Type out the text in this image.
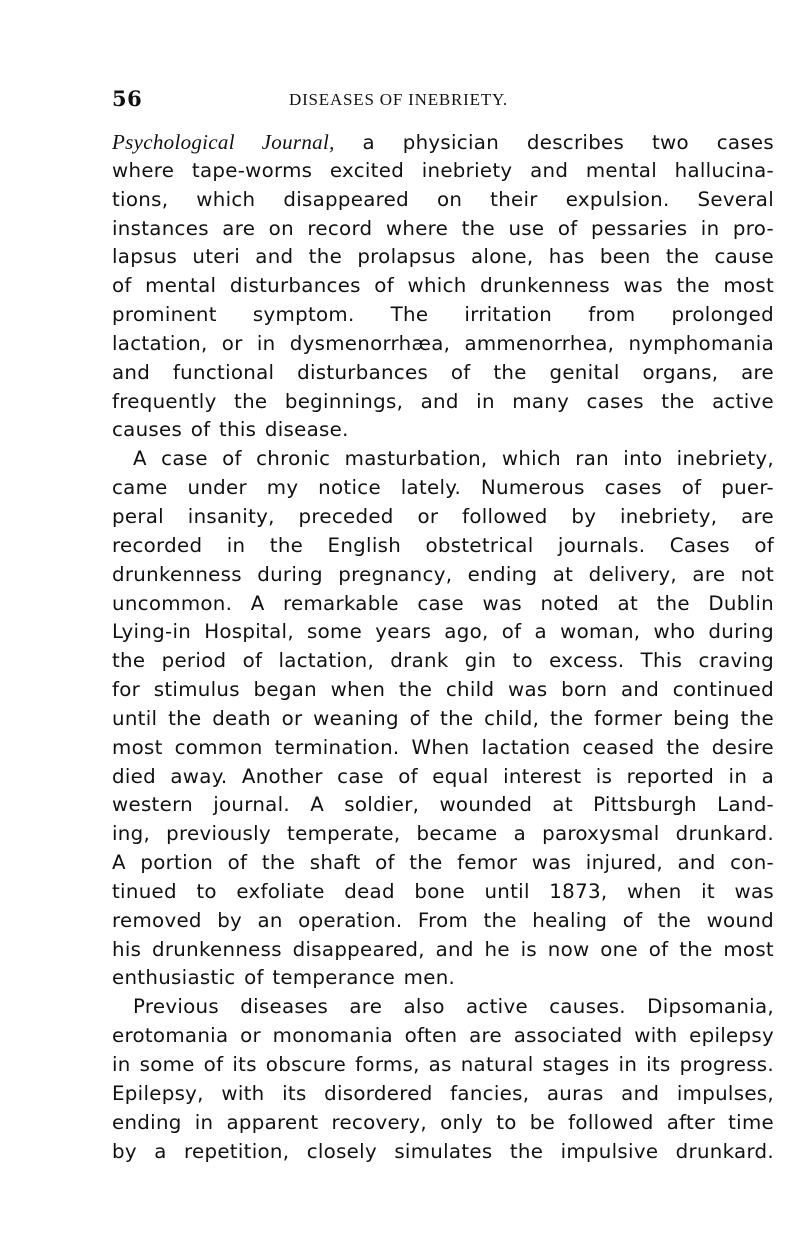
56	DISEASES OF INEBRIETY.
Psychological Journal, a physician describes two cases
where tape-worms excited inebriety and mental hallucina-
tions, which disappeared on their expulsion. Several
instances are on record where the use of pessaries in pro-
lapsus uteri and the prolapsus alone, has been the cause
of mental disturbances of which drunkenness was the most
prominent symptom. The irritation from prolonged
lactation, or in dysmenorrhæa, ammenorrhea, nymphomania
and functional disturbances of the genital organs, are
frequently the beginnings, and in many cases the active
causes of this disease.
A case of chronic masturbation, which ran into inebriety,
came under my notice lately. Numerous cases of puer-
peral insanity, preceded or followed by inebriety, are
recorded in the English obstetrical journals. Cases of
drunkenness during pregnancy, ending at delivery, are not
uncommon. A remarkable case was noted at the Dublin
Lying-in Hospital, some years ago, of a woman, who during
the period of lactation, drank gin to excess. This craving
for stimulus began when the child was born and continued
until the death or weaning of the child, the former being the
most common termination. When lactation ceased the desire
died away. Another case of equal interest is reported in a
western journal. A soldier, wounded at Pittsburgh Land-
ing, previously temperate, became a paroxysmal drunkard.
A portion of the shaft of the femor was injured, and con-
tinued to exfoliate dead bone until 1873, when it was
removed by an operation. From the healing of the wound
his drunkenness disappeared, and he is now one of the most
enthusiastic of temperance men.
Previous diseases are also active causes. Dipsomania,
erotomania or monomania often are associated with epilepsy
in some of its obscure forms, as natural stages in its progress.
Epilepsy, with its disordered fancies, auras and impulses,
ending in apparent recovery, only to be followed after time
by a repetition, closely simulates the impulsive drunkard.
